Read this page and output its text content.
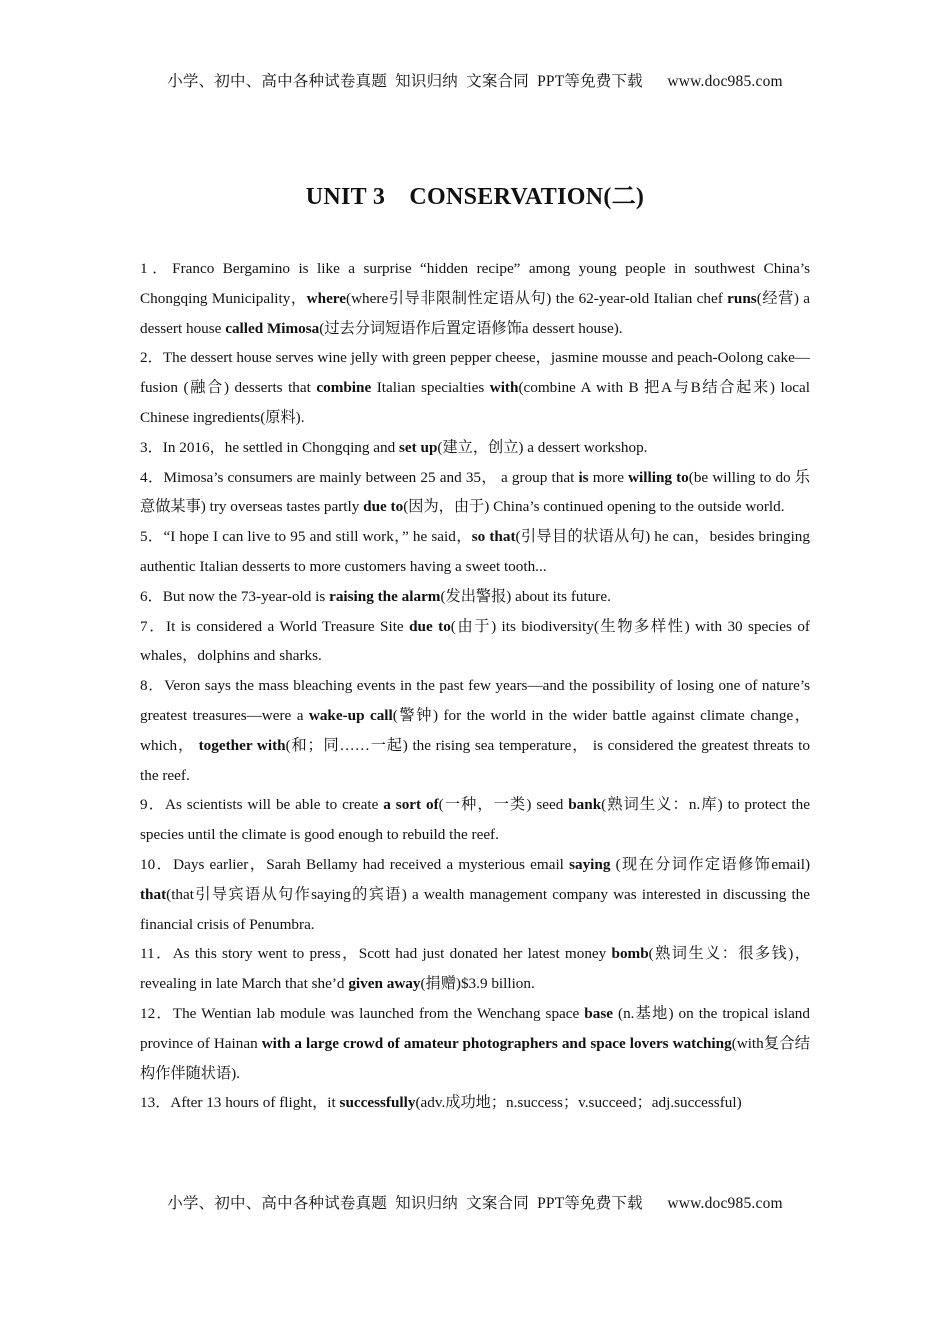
小学、初中、高中各种试卷真题  知识归纳  文案合同  PPT等免费下载      www.doc985.com
UNIT 3　CONSERVATION(二)

1．Franco Bergamino is like a surprise “hidden recipe” among young people in southwest China’s Chongqing Municipality，where(where引导非限制性定语从句) the 62-year-old Italian chef runs(经营) a dessert house called Mimosa(过去分词短语作后置定语修饰a dessert house).

2．The dessert house serves wine jelly with green pepper cheese，jasmine mousse and peach-Oolong cake—fusion (融合) desserts that combine Italian specialties with(combine A with B 把A与B结合起来) local Chinese ingredients(原料).

3．In 2016，he settled in Chongqing and set up(建立，创立) a dessert workshop.

4．Mimosa’s consumers are mainly between 25 and 35， a group that is more willing to(be willing to do 乐意做某事) try overseas tastes partly due to(因为，由于) China’s continued opening to the outside world.

5．“I hope I can live to 95 and still work，” he said，so that(引导目的状语从句) he can，besides bringing authentic Italian desserts to more customers having a sweet tooth...

6．But now the 73-year-old is raising the alarm(发出警报) about its future.

7．It is considered a World Treasure Site due to(由于) its biodiversity(生物多样性) with 30 species of whales，dolphins and sharks.

8．Veron says the mass bleaching events in the past few years—and the possibility of losing one of nature’s greatest treasures—were a wake-up call(警钟) for the world in the wider battle against climate change， which， together with(和；同……一起) the rising sea temperature， is considered the greatest threats to the reef.

9．As scientists will be able to create a sort of(一种，一类) seed bank(熟词生义：n.库) to protect the species until the climate is good enough to rebuild the reef.

10．Days earlier，Sarah Bellamy had received a mysterious email saying (现在分词作定语修饰email) that(that引导宾语从句作saying的宾语) a wealth management company was interested in discussing the financial crisis of Penumbra.

11．As this story went to press，Scott had just donated her latest money bomb(熟词生义：很多钱)，revealing in late March that she’d given away(捐赠)$3.9 billion.

12．The Wentian lab module was launched from the Wenchang space base (n.基地) on the tropical island province of Hainan with a large crowd of amateur photographers and space lovers watching(with复合结构作伴随状语).

13．After 13 hours of flight，it successfully(adv.成功地；n.success；v.succeed；adj.successful)

小学、初中、高中各种试卷真题  知识归纳  文案合同  PPT等免费下载      www.doc985.com
